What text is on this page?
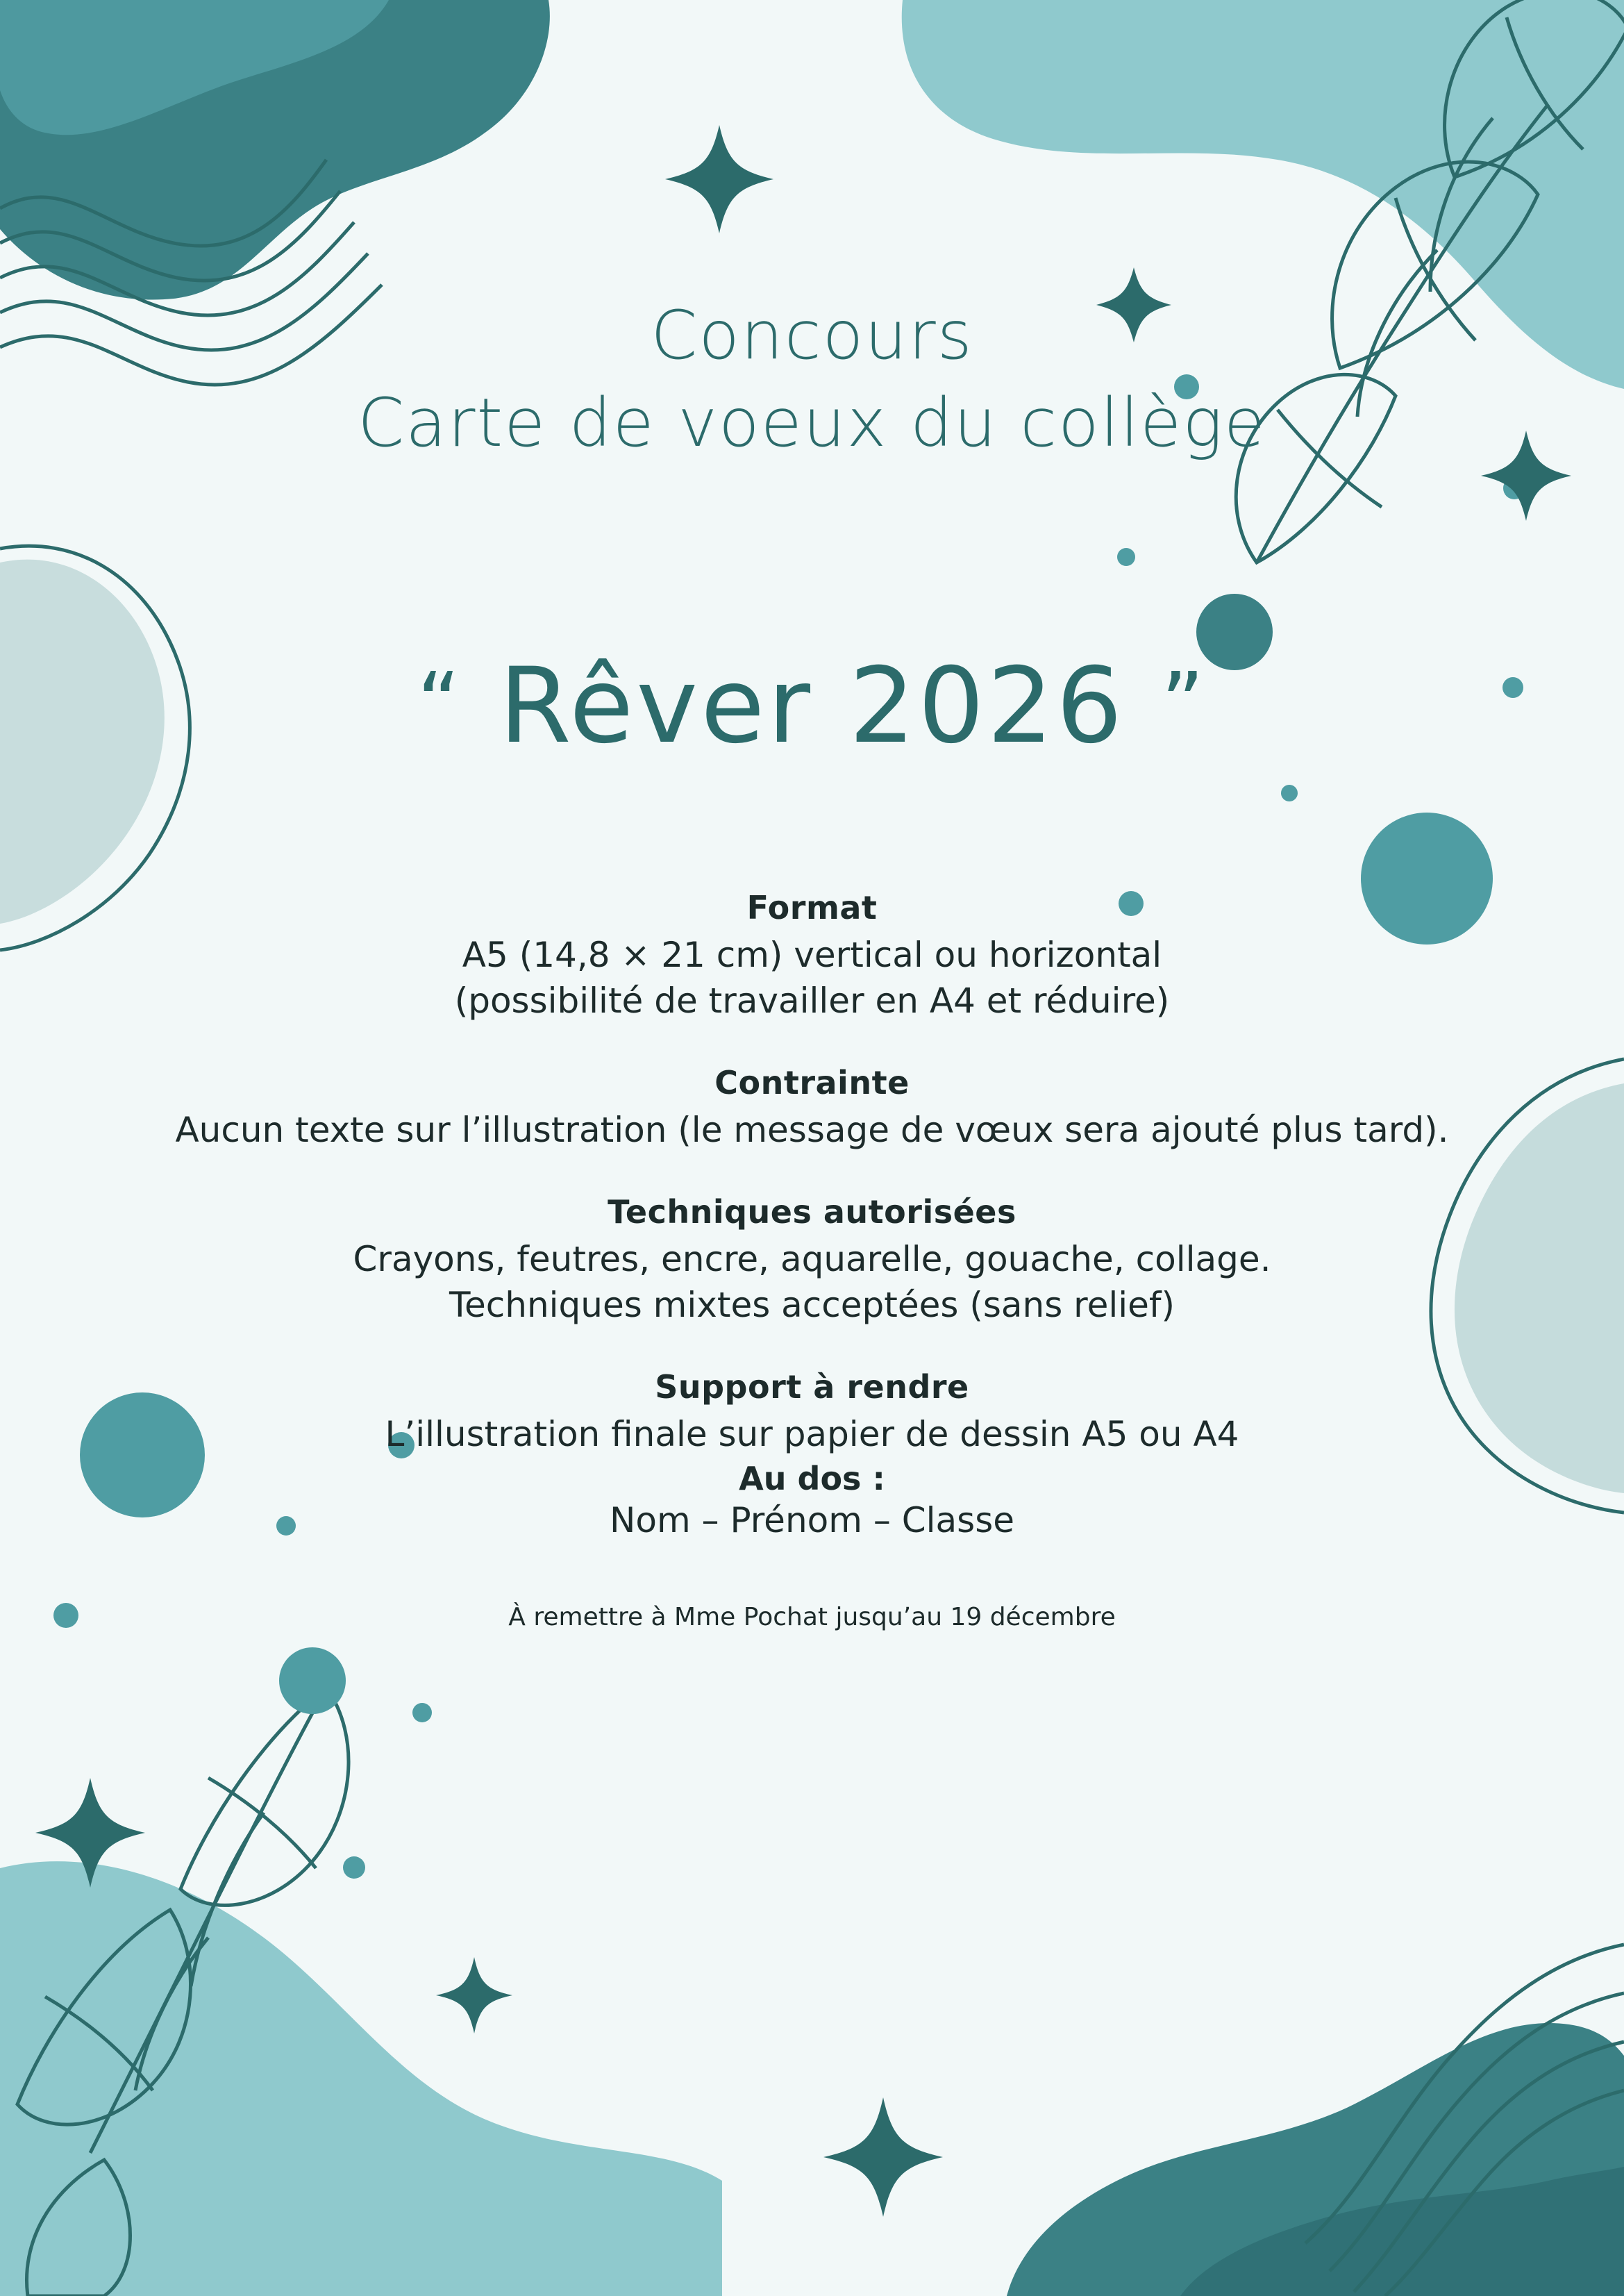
Concours
Carte de voeux du collège
“ Rêver 2026 ”
Format
A5 (14,8 × 21 cm) vertical ou horizontal
(possibilité de travailler en A4 et réduire)
Contrainte
Aucun texte sur l’illustration (le message de vœux sera ajouté plus tard).
Techniques autorisées
Crayons, feutres, encre, aquarelle, gouache, collage.
Techniques mixtes acceptées (sans relief)
Support à rendre
L’illustration finale sur papier de dessin A5 ou A4
Au dos :
Nom – Prénom – Classe
À remettre à Mme Pochat jusqu’au 19 décembre
